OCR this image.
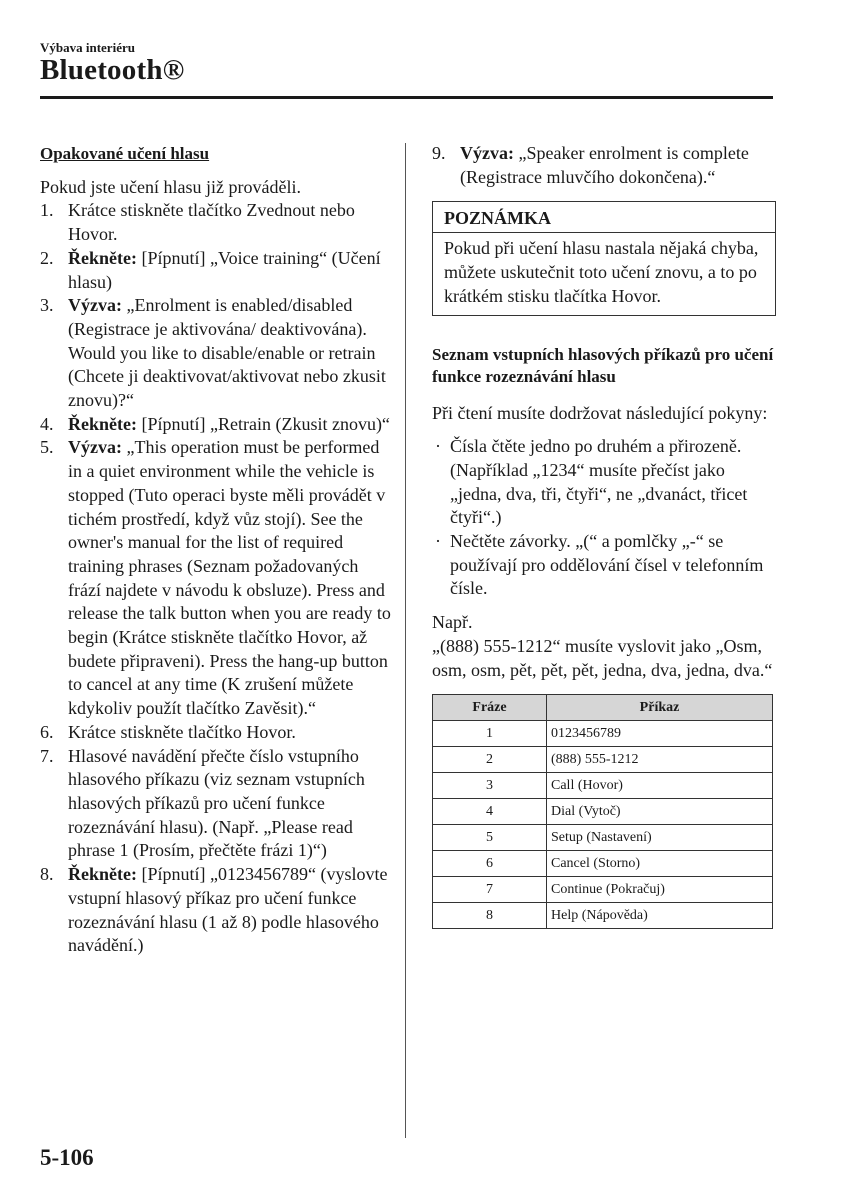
Výbava interiéru
Bluetooth®
Opakované učení hlasu

Pokud jste učení hlasu již prováděli.

1. Krátce stiskněte tlačítko Zvednout nebo Hovor.
2. Řekněte: [Pípnutí] „Voice training“ (Učení hlasu)
3. Výzva: „Enrolment is enabled/disabled (Registrace je aktivována/ deaktivována). Would you like to disable/enable or retrain (Chcete ji deaktivovat/aktivovat nebo zkusit znovu)?“
4. Řekněte: [Pípnutí] „Retrain (Zkusit znovu)“
5. Výzva: „This operation must be performed in a quiet environment while the vehicle is stopped (Tuto operaci byste měli provádět v tichém prostředí, když vůz stojí). See the owner's manual for the list of required training phrases (Seznam požadovaných frází najdete v návodu k obsluze). Press and release the talk button when you are ready to begin (Krátce stiskněte tlačítko Hovor, až budete připraveni). Press the hang-up button to cancel at any time (K zrušení můžete kdykoliv použít tlačítko Zavěsit).“
6. Krátce stiskněte tlačítko Hovor.
7. Hlasové navádění přečte číslo vstupního hlasového příkazu (viz seznam vstupních hlasových příkazů pro učení funkce rozeznávání hlasu). (Např. „Please read phrase 1 (Prosím, přečtěte frázi 1)“)
8. Řekněte: [Pípnutí] „0123456789“ (vyslovte vstupní hlasový příkaz pro učení funkce rozeznávání hlasu (1 až 8) podle hlasového navádění.)
9. Výzva: „Speaker enrolment is complete (Registrace mluvčího dokončena).“
POZNÁMKA
Pokud při učení hlasu nastala nějaká chyba, můžete uskutečnit toto učení znovu, a to po krátkém stisku tlačítka Hovor.
Seznam vstupních hlasových příkazů pro učení funkce rozeznávání hlasu

Při čtení musíte dodržovat následující pokyny:

· Čísla čtěte jedno po druhém a přirozeně. (Například „1234“ musíte přečíst jako „jedna, dva, tři, čtyři“, ne „dvanáct, třicet čtyři“.)
· Nečtěte závorky. „(“ a pomlčky „-“ se používají pro oddělování čísel v telefonním čísle.

Např.

„(888) 555-1212“ musíte vyslovit jako „Osm, osm, osm, pět, pět, pět, jedna, dva, jedna, dva.“

Fráze	Příkaz
1	0123456789
2	(888) 555-1212
3	Call (Hovor)
4	Dial (Vytoč)
5	Setup (Nastavení)
6	Cancel (Storno)
7	Continue (Pokračuj)
8	Help (Nápověda)
5-106
